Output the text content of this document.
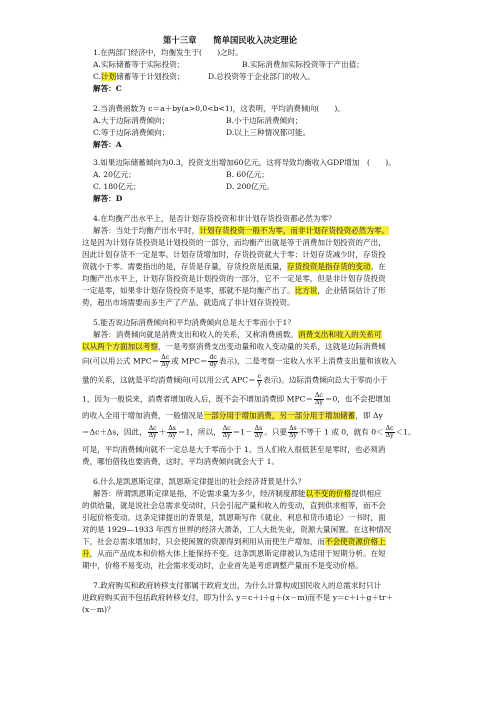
第十三章　　简单国民收入决定理论
1.在两部门经济中，均衡发生于(　　)之时。
A.实际储蓄等于实际投资；	B.实际消费加实际投资等于产出值；
C.计划储蓄等于计划投资；	D.总投资等于企业部门的收入。
解答：C
2.当消费函数为 c＝a＋by(a>0,0<b<1)，这表明，平均消费倾向(　　)。
A.大于边际消费倾向；	B.小于边际消费倾向；
C.等于边际消费倾向；	D.以上三种情况都可能。
解答：A
3.如果边际储蓄倾向为0.3，投资支出增加60亿元，这将导致均衡收入GDP增加　(　　)。
A. 20亿元；	B. 60亿元；
C. 180亿元；	D. 200亿元。
解答：D
4.在均衡产出水平上，是否计划存货投资和非计划存货投资都必然为零？
解答：当处于均衡产出水平时，计划存货投资一般不为零，而非计划存货投资必然为零。
这是因为计划存货投资是计划投资的一部分，而均衡产出就是等于消费加计划投资的产出，
因此计划存货不一定是零。计划存货增加时，存货投资就大于零；计划存货减少时，存货投
资就小于零。需要指出的是，存货是存量，存货投资是流量，存货投资是指存货的变动。在
均衡产出水平上，计划存货投资是计划投资的一部分，它不一定是零，但是非计划存货投资
一定是零，如果非计划存货投资不是零，那就不是均衡产出了。比方说，企业错误估计了形
势，超出市场需要而多生产了产品，就造成了非计划存货投资。
5.能否说边际消费倾向和平均消费倾向总是大于零而小于1？
解答：消费倾向就是消费支出和收入的关系，又称消费函数。消费支出和收入的关系可
以从两个方面加以考察，一是考察消费支出变动量和收入变动量的关系，这就是边际消费倾
向(可以用公式 $MPC= \frac{\Delta c}{\Delta y}$ 或 $MPC= \frac{dc}{dy}$ 表示)，二是考察一定收入水平上消费支出量和该收入
量的关系，这就是平均消费倾向(可以用公式 $APC= \frac{c}{y}$ 表示)。边际消费倾向总大于零而小于
1，因为一般说来，消费者增加收入后，既不会不增加消费即 $MPC= \frac{\Delta c}{\Delta y} =0$，也不会把增加
的收入全用于增加消费，一般情况是一部分用于增加消费，另一部分用于增加储蓄，即 Δy
＝Δc＋Δs，因此， $\frac{\Delta c}{\Delta y} + \frac{\Delta s}{\Delta y} =1$，所以， $\frac{\Delta c}{\Delta y} =1- \frac{\Delta s}{\Delta y}$ 。只要 $\frac{\Delta s}{\Delta y}$ 不等于 1 或 0，就有 $0< \frac{\Delta c}{\Delta y} <1$。
可是，平均消费倾向就不一定总是大于零而小于 1。当人们收入很低甚至是零时，也必须消
费，哪怕借钱也要消费，这时，平均消费倾向就会大于 1。
6.什么是凯恩斯定律，凯恩斯定律提出的社会经济背景是什么？
解答：所谓凯恩斯定律是指，不论需求量为多少，经济制度都能以不变的价格提供相应
的供给量，就是说社会总需求变动时，只会引起产量和收入的变动，直到供求相等，而不会
引起价格变动。这条定律提出的背景是，凯恩斯写作《就业、利息和货币通论》一书时，面
对的是 1929—1933 年西方世界的经济大萧条，工人大批失业，资源大量闲置。在这种情况
下，社会总需求增加时，只会使闲置的资源得到利用从而使生产增加，而不会使资源价格上
升，从而产品成本和价格大体上能保持不变。这条凯恩斯定律被认为适用于短期分析。在短
期中，价格不易变动，社会需求变动时，企业首先是考虑调整产量而不是变动价格。
7.政府购买和政府转移支付都属于政府支出，为什么计算构成国民收入的总需求时只计
进政府购买而不包括政府转移支付，即为什么 y＝c＋i＋g＋(x－m)而不是 y＝c＋i＋g＋tr＋
(x－m)？
